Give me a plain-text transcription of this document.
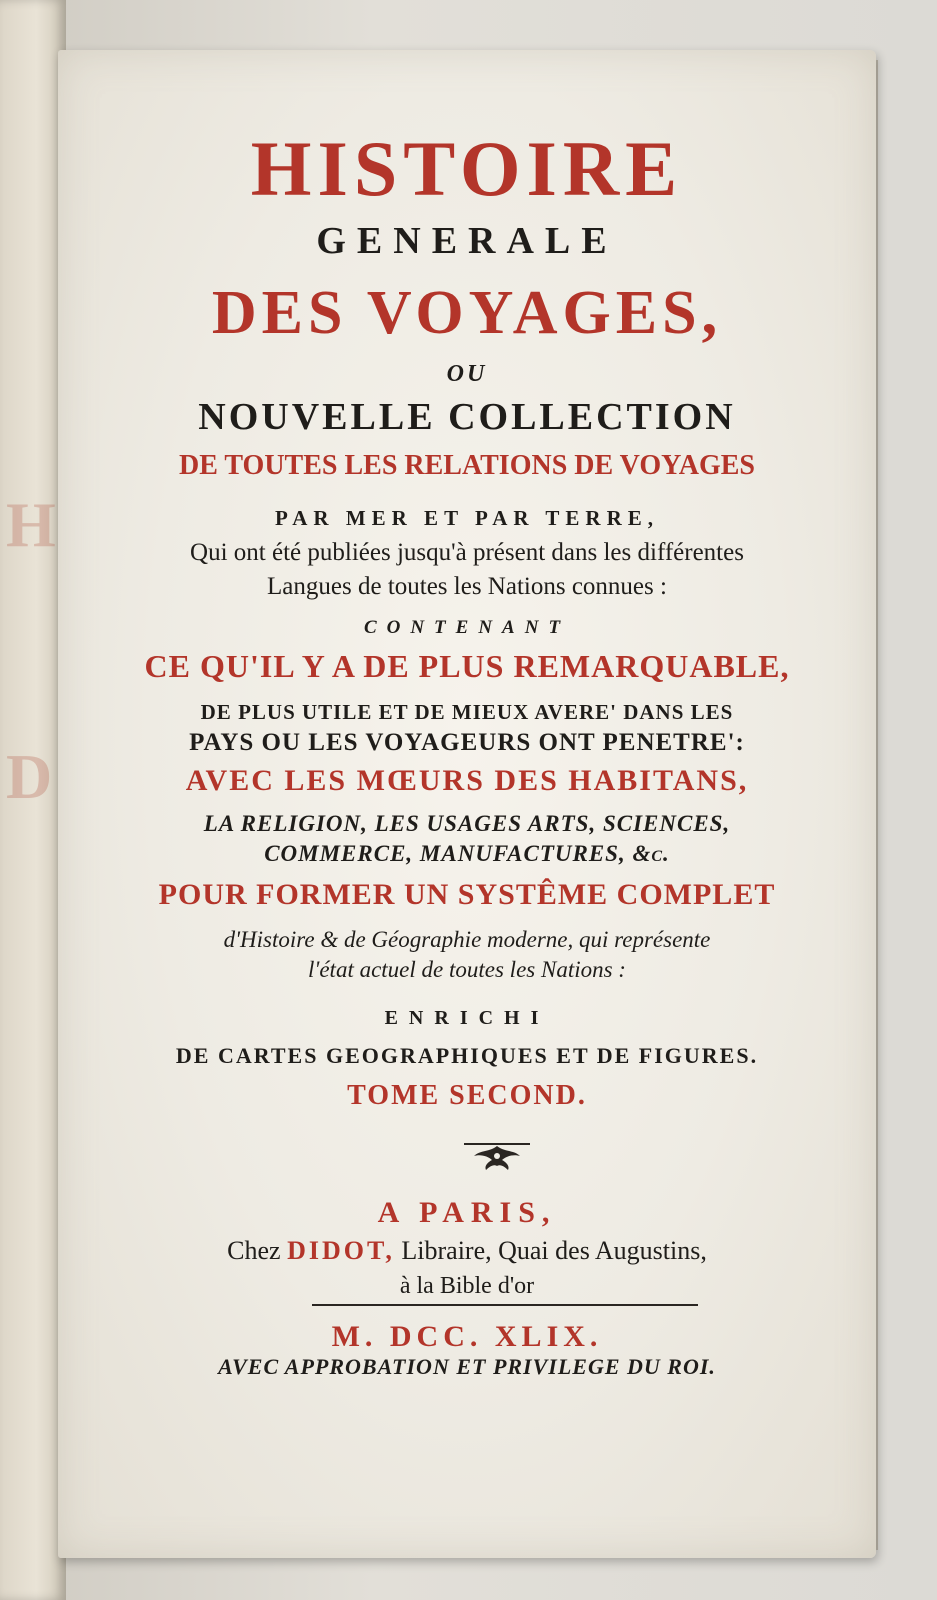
H
D
HISTOIRE
GENERALE
DES VOYAGES,
OU
NOUVELLE COLLECTION
DE TOUTES LES RELATIONS DE VOYAGES
PAR MER ET PAR TERRE,
Qui ont été publiées jusqu'à présent dans les différentes
Langues de toutes les Nations connues :
CONTENANT
CE QU'IL Y A DE PLUS REMARQUABLE,
DE PLUS UTILE ET DE MIEUX AVERE' DANS LES
PAYS OU LES VOYAGEURS ONT PENETRE':
AVEC LES MŒURS DES HABITANS,
LA RELIGION, LES USAGES ARTS, SCIENCES,
COMMERCE, MANUFACTURES, &c.
POUR FORMER UN SYSTÊME COMPLET
d'Histoire & de Géographie moderne, qui représente
l'état actuel de toutes les Nations :
ENRICHI
DE CARTES GEOGRAPHIQUES ET DE FIGURES.
TOME SECOND.
A PARIS,
Chez DIDOT, Libraire, Quai des Augustins,
à la Bible d'or
M. DCC. XLIX.
AVEC APPROBATION ET PRIVILEGE DU ROI.
